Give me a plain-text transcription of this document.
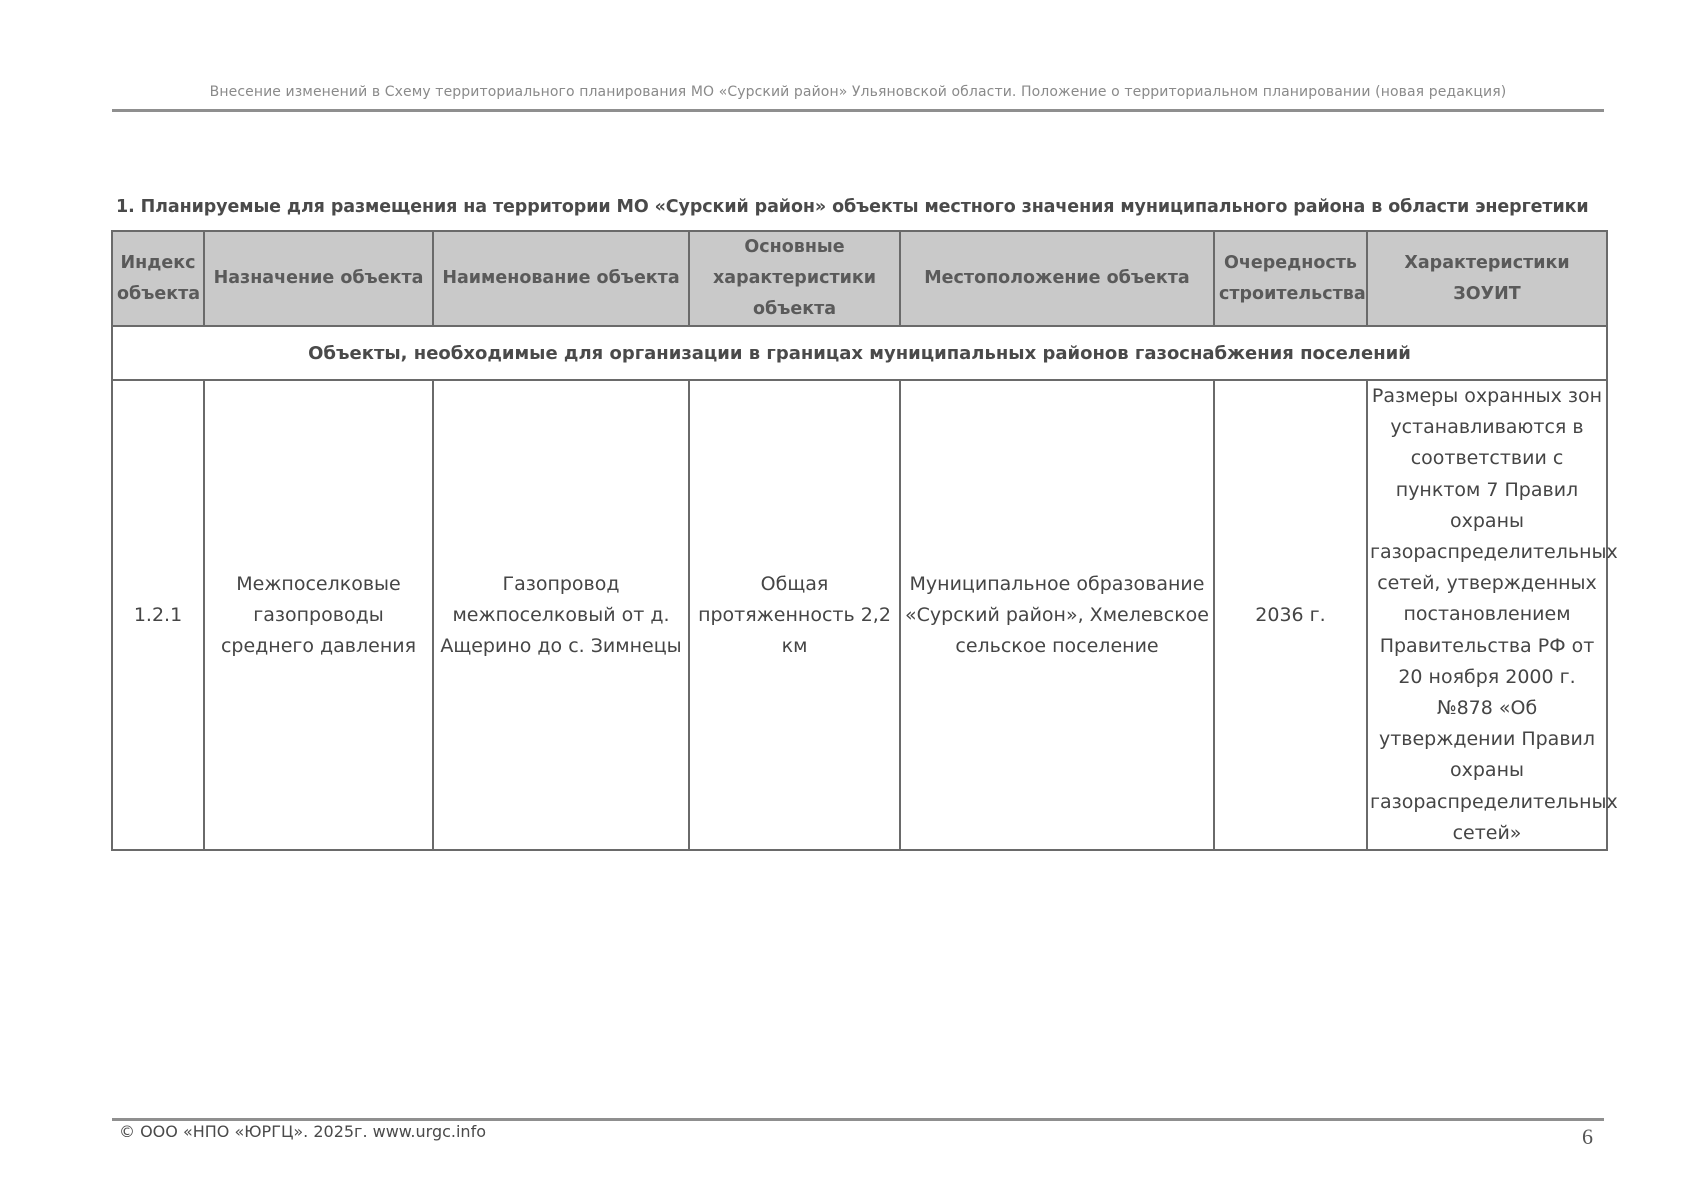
Внесение изменений в Схему территориального планирования МО «Сурский район» Ульяновской области. Положение о территориальном планировании (новая редакция)
1. Планируемые для размещения на территории МО «Сурский район» объекты местного значения муниципального района в области энергетики
Индекс объекта	Назначение объекта	Наименование объекта	Основные характеристики объекта	Местоположение объекта	Очередность строительства	Характеристики ЗОУИТ
Объекты, необходимые для организации в границах муниципальных районов газоснабжения поселений						
1.2.1	Межпоселковые газопроводы среднего давления	Газопровод межпоселковый от д. Ащерино до с. Зимнецы	Общая протяженность 2,2 км	Муниципальное образование «Сурский район», Хмелевское сельское поселение	2036 г.	Размеры охранных зон устанавливаются в соответствии с пунктом 7 Правил охраны газораспределительных сетей, утвержденных постановлением Правительства РФ от 20 ноября 2000 г. №878 «Об утверждении Правил охраны газораспределительных сетей»
© ООО «НПО «ЮРГЦ». 2025г. www.urgc.info	6
